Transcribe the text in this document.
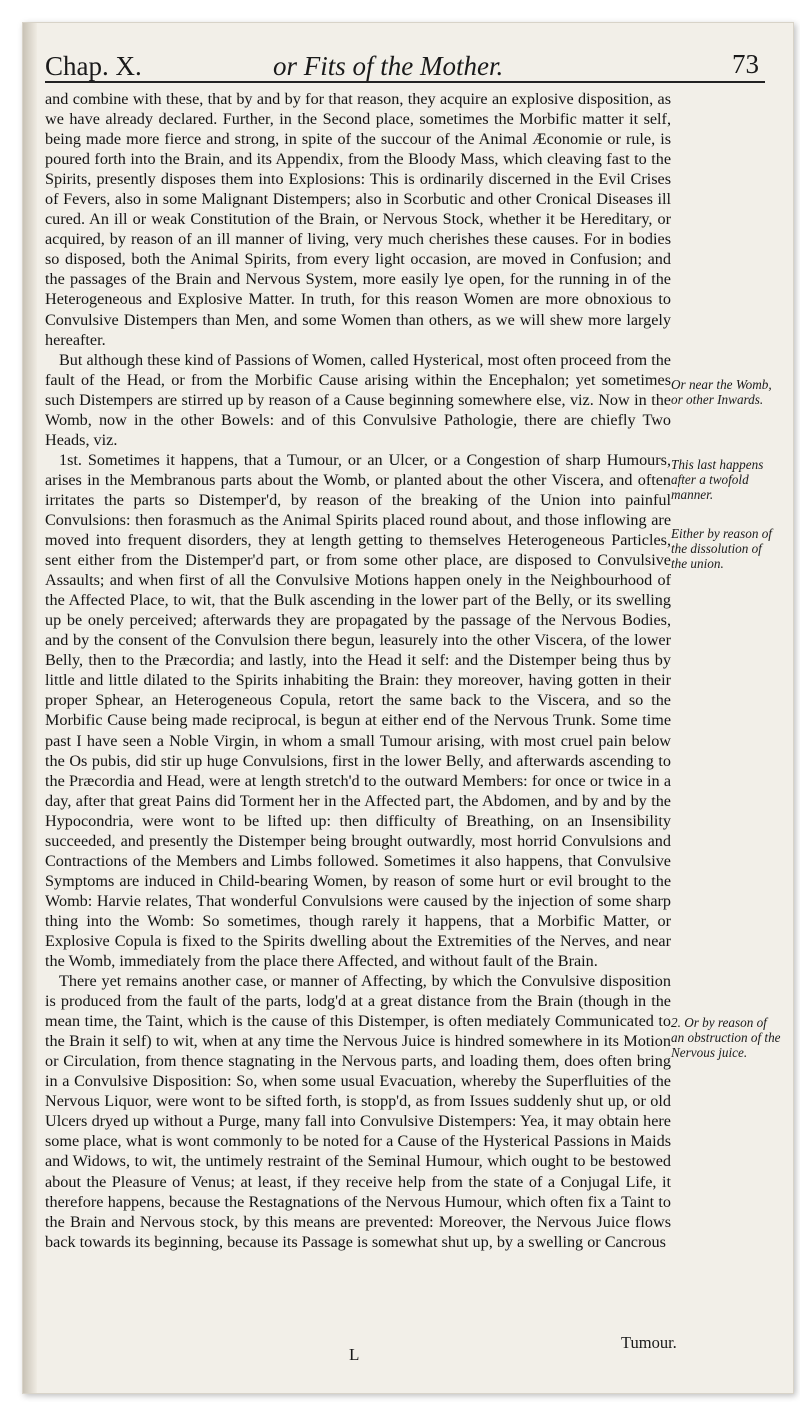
Chap. X.	or Fits of the Mother.	73

and combine with these, that by and by for that reason, they acquire an explosive disposition, as we have already declared. Further, in the Second place, sometimes the Morbific matter it self, being made more fierce and strong, in spite of the succour of the Animal Æconomie or rule, is poured forth into the Brain, and its Appendix, from the Bloody Mass, which cleaving fast to the Spirits, presently disposes them into Explosions: This is ordinarily discerned in the Evil Crises of Fevers, also in some Malignant Distempers; also in Scorbutic and other Cronical Diseases ill cured. An ill or weak Constitution of the Brain, or Nervous Stock, whether it be Hereditary, or acquired, by reason of an ill manner of living, very much cherishes these causes. For in bodies so disposed, both the Animal Spirits, from every light occasion, are moved in Confusion; and the passages of the Brain and Nervous System, more easily lye open, for the running in of the Heterogeneous and Explosive Matter. In truth, for this reason Women are more obnoxious to Convulsive Distempers than Men, and some Women than others, as we will shew more largely hereafter.

But although these kind of Passions of Women, called Hysterical, most often proceed from the fault of the Head, or from the Morbific Cause arising within the Encephalon; yet sometimes such Distempers are stirred up by reason of a Cause beginning somewhere else, viz. Now in the Womb, now in the other Bowels: and of this Convulsive Pathologie, there are chiefly Two Heads, viz.

1st. Sometimes it happens, that a Tumour, or an Ulcer, or a Congestion of sharp Humours, arises in the Membranous parts about the Womb, or planted about the other Viscera, and often irritates the parts so Distemper'd, by reason of the breaking of the Union into painful Convulsions: then forasmuch as the Animal Spirits placed round about, and those inflowing are moved into frequent disorders, they at length getting to themselves Heterogeneous Particles, sent either from the Distemper'd part, or from some other place, are disposed to Convulsive Assaults; and when first of all the Convulsive Motions happen onely in the Neighbourhood of the Affected Place, to wit, that the Bulk ascending in the lower part of the Belly, or its swelling up be onely perceived; afterwards they are propagated by the passage of the Nervous Bodies, and by the consent of the Convulsion there begun, leasurely into the other Viscera, of the lower Belly, then to the Præcordia; and lastly, into the Head it self: and the Distemper being thus by little and little dilated to the Spirits inhabiting the Brain: they moreover, having gotten in their proper Sphear, an Heterogeneous Copula, retort the same back to the Viscera, and so the Morbific Cause being made reciprocal, is begun at either end of the Nervous Trunk. Some time past I have seen a Noble Virgin, in whom a small Tumour arising, with most cruel pain below the Os pubis, did stir up huge Convulsions, first in the lower Belly, and afterwards ascending to the Præcordia and Head, were at length stretch'd to the outward Members: for once or twice in a day, after that great Pains did Torment her in the Affected part, the Abdomen, and by and by the Hypocondria, were wont to be lifted up: then difficulty of Breathing, on an Insensibility succeeded, and presently the Distemper being brought outwardly, most horrid Convulsions and Contractions of the Members and Limbs followed. Sometimes it also happens, that Convulsive Symptoms are induced in Child-bearing Women, by reason of some hurt or evil brought to the Womb: Harvie relates, That wonderful Convulsions were caused by the injection of some sharp thing into the Womb: So sometimes, though rarely it happens, that a Morbific Matter, or Explosive Copula is fixed to the Spirits dwelling about the Extremities of the Nerves, and near the Womb, immediately from the place there Affected, and without fault of the Brain.

There yet remains another case, or manner of Affecting, by which the Convulsive disposition is produced from the fault of the parts, lodg'd at a great distance from the Brain (though in the mean time, the Taint, which is the cause of this Distemper, is often mediately Communicated to the Brain it self) to wit, when at any time the Nervous Juice is hindred somewhere in its Motion or Circulation, from thence stagnating in the Nervous parts, and loading them, does often bring in a Convulsive Disposition: So, when some usual Evacuation, whereby the Superfluities of the Nervous Liquor, were wont to be sifted forth, is stopp'd, as from Issues suddenly shut up, or old Ulcers dryed up without a Purge, many fall into Convulsive Distempers: Yea, it may obtain here some place, what is wont commonly to be noted for a Cause of the Hysterical Passions in Maids and Widows, to wit, the untimely restraint of the Seminal Humour, which ought to be bestowed about the Pleasure of Venus; at least, if they receive help from the state of a Conjugal Life, it therefore happens, because the Restagnations of the Nervous Humour, which often fix a Taint to the Brain and Nervous stock, by this means are prevented: Moreover, the Nervous Juice flows back towards its beginning, because its Passage is somewhat shut up, by a swelling or Cancrous

Or near the Womb, or other Inwards.
This last happens after a twofold manner.
Either by reason of the dissolution of the union.
2. Or by reason of an obstruction of the Nervous juice.
L
Tumour.
